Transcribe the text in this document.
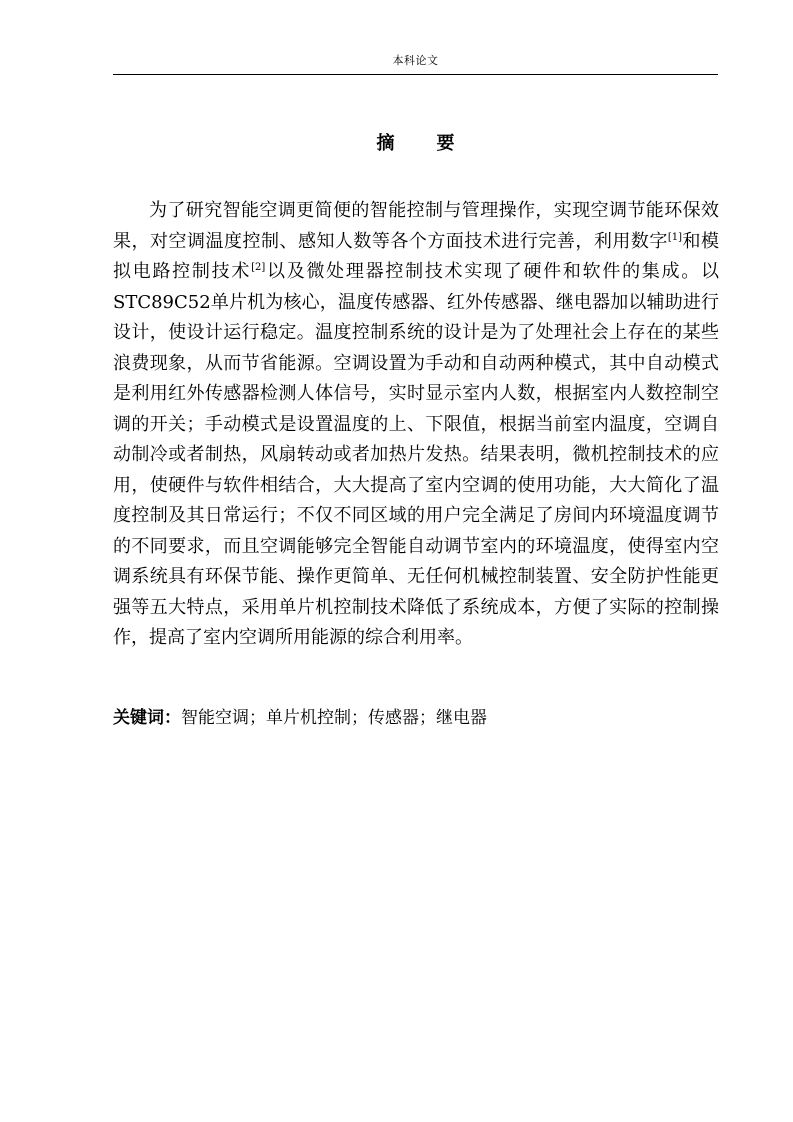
本科论文
摘 要

为了研究智能空调更简便的智能控制与管理操作，实现空调节能环保效果，对空调温度控制、感知人数等各个方面技术进行完善，利用数字[1]和模拟电路控制技术[2]以及微处理器控制技术实现了硬件和软件的集成。以STC89C52单片机为核心，温度传感器、红外传感器、继电器加以辅助进行设计，使设计运行稳定。温度控制系统的设计是为了处理社会上存在的某些浪费现象，从而节省能源。空调设置为手动和自动两种模式，其中自动模式是利用红外传感器检测人体信号，实时显示室内人数，根据室内人数控制空调的开关；手动模式是设置温度的上、下限值，根据当前室内温度，空调自动制冷或者制热，风扇转动或者加热片发热。结果表明，微机控制技术的应用，使硬件与软件相结合，大大提高了室内空调的使用功能，大大简化了温度控制及其日常运行；不仅不同区域的用户完全满足了房间内环境温度调节的不同要求，而且空调能够完全智能自动调节室内的环境温度，使得室内空调系统具有环保节能、操作更简单、无任何机械控制装置、安全防护性能更强等五大特点，采用单片机控制技术降低了系统成本，方便了实际的控制操作，提高了室内空调所用能源的综合利用率。

关键词：智能空调；单片机控制；传感器；继电器
